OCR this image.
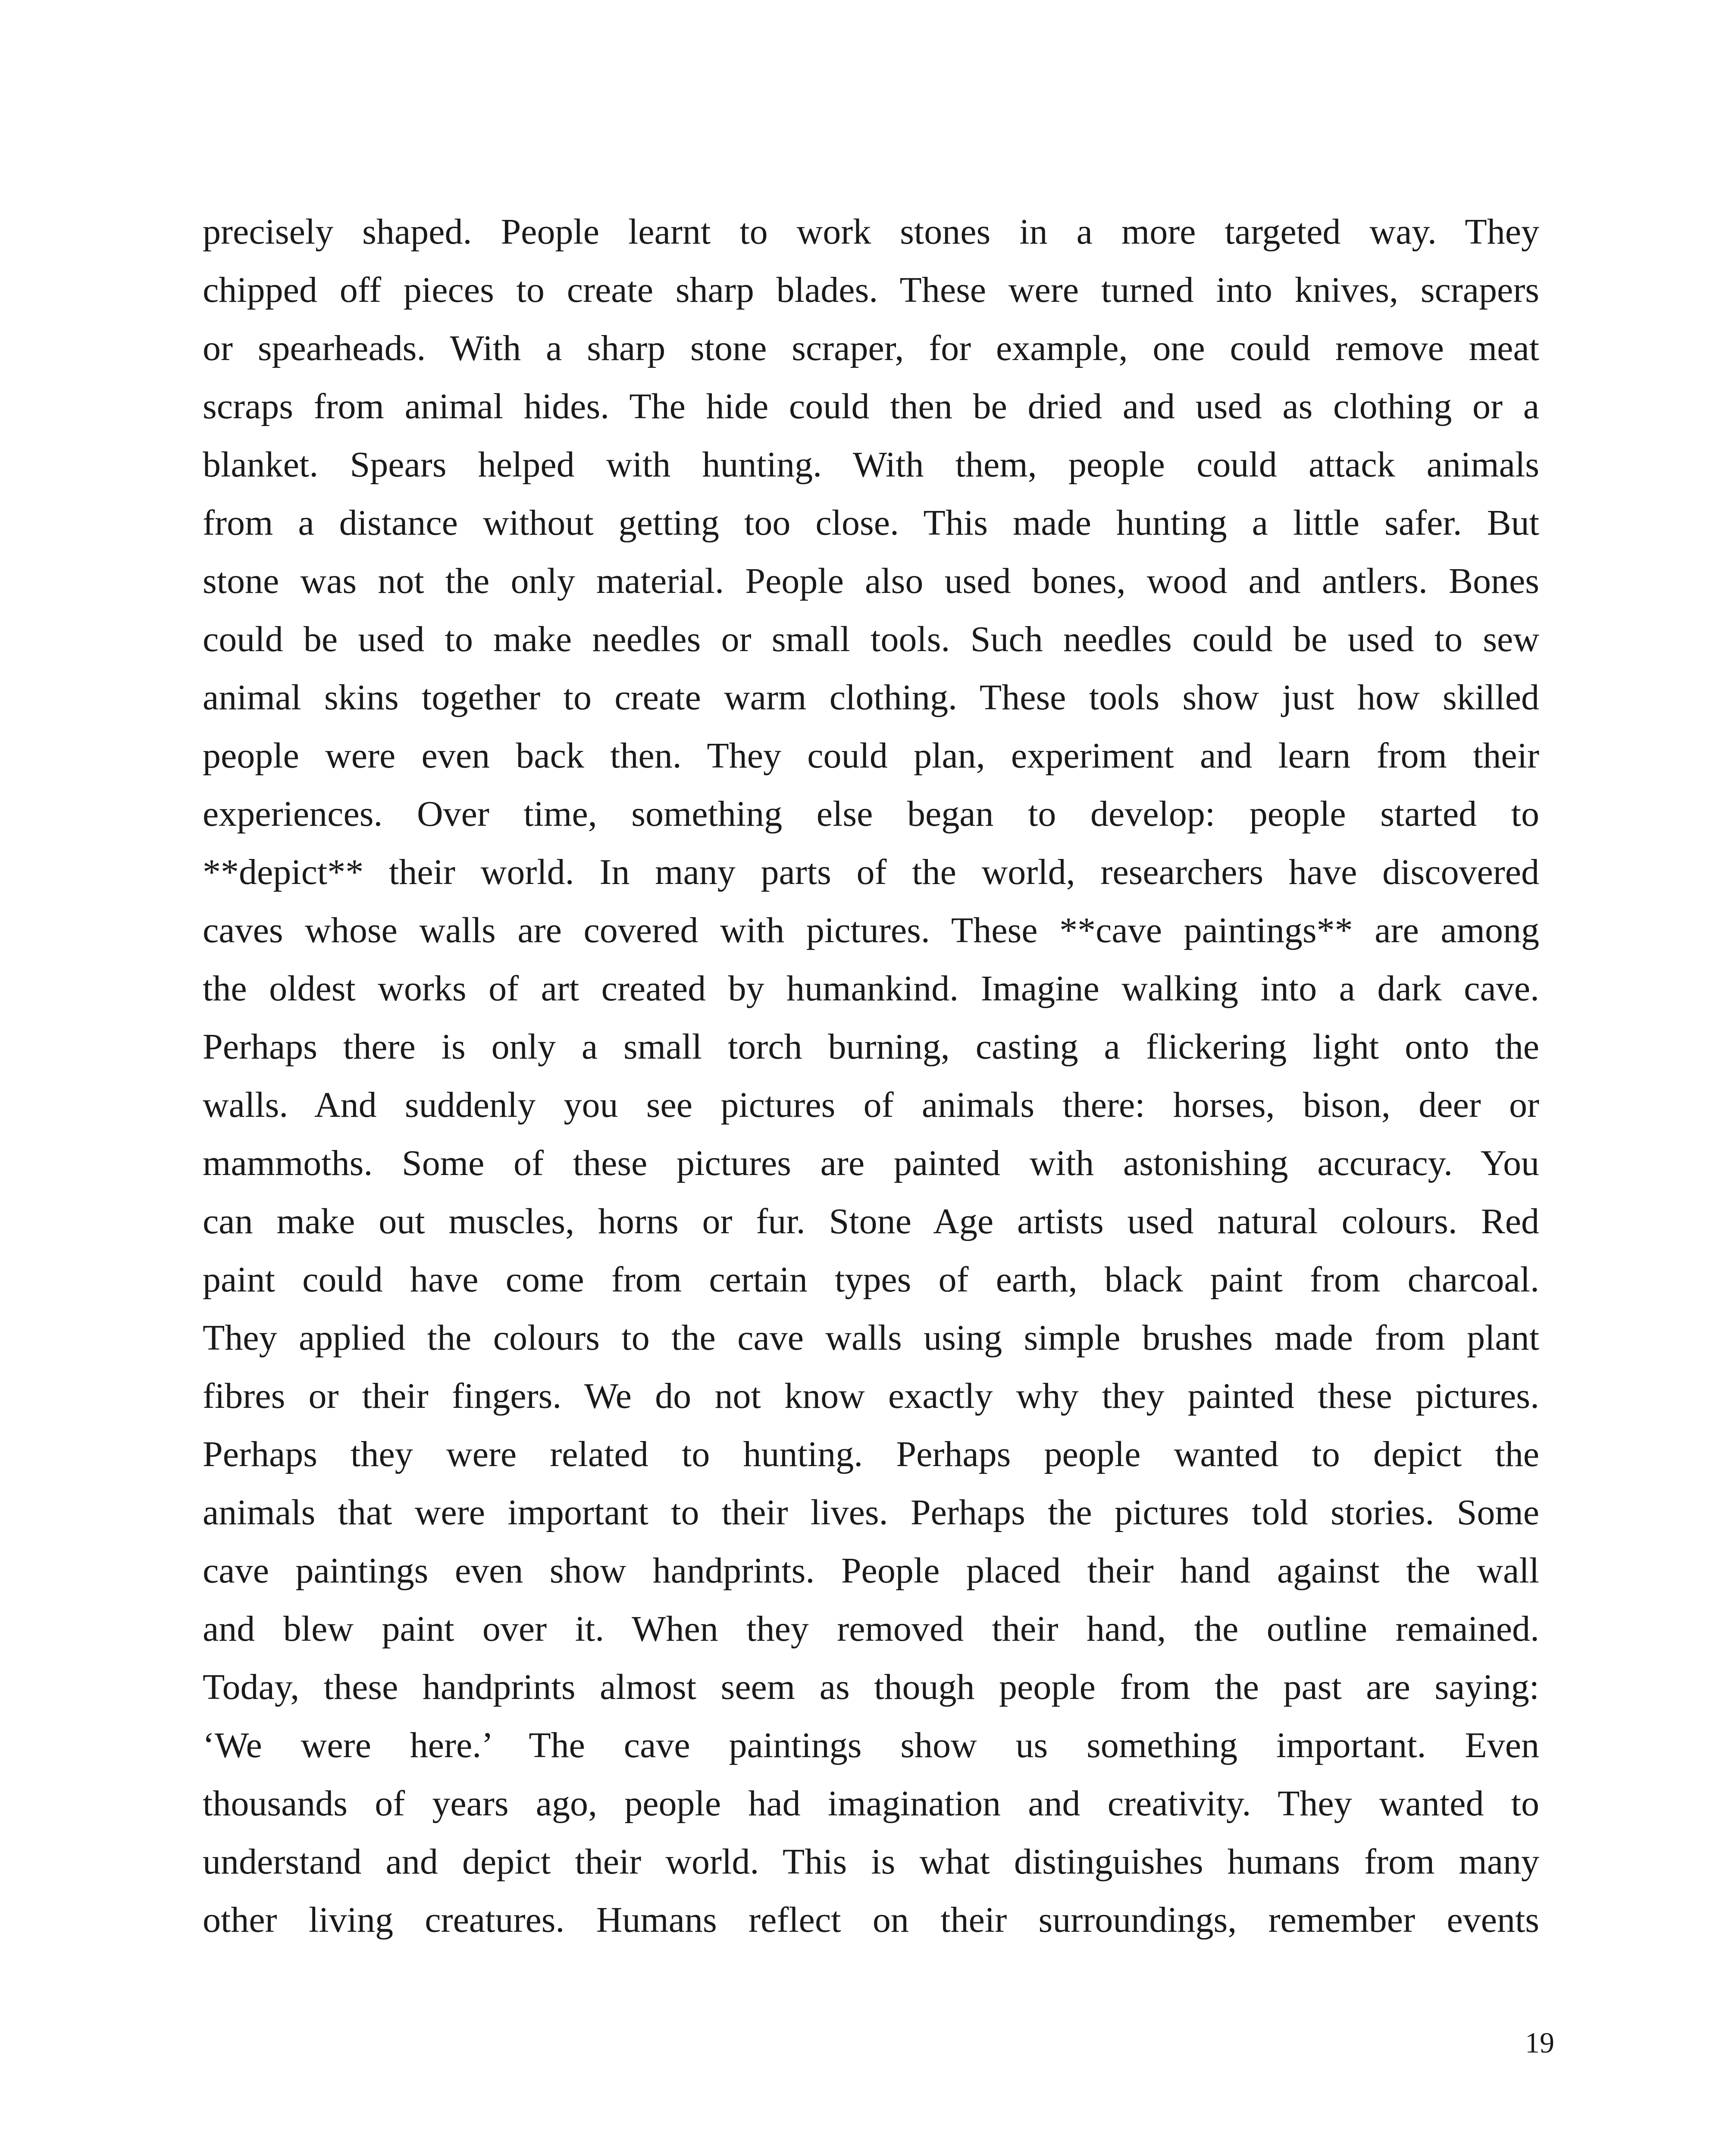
precisely shaped. People learnt to work stones in a more targeted way. They
chipped off pieces to create sharp blades. These were turned into knives, scrapers
or spearheads. With a sharp stone scraper, for example, one could remove meat
scraps from animal hides. The hide could then be dried and used as clothing or a
blanket. Spears helped with hunting. With them, people could attack animals
from a distance without getting too close. This made hunting a little safer. But
stone was not the only material. People also used bones, wood and antlers. Bones
could be used to make needles or small tools. Such needles could be used to sew
animal skins together to create warm clothing. These tools show just how skilled
people were even back then. They could plan, experiment and learn from their
experiences. Over time, something else began to develop: people started to
**depict** their world. In many parts of the world, researchers have discovered
caves whose walls are covered with pictures. These **cave paintings** are among
the oldest works of art created by humankind. Imagine walking into a dark cave.
Perhaps there is only a small torch burning, casting a flickering light onto the
walls. And suddenly you see pictures of animals there: horses, bison, deer or
mammoths. Some of these pictures are painted with astonishing accuracy. You
can make out muscles, horns or fur. Stone Age artists used natural colours. Red
paint could have come from certain types of earth, black paint from charcoal.
They applied the colours to the cave walls using simple brushes made from plant
fibres or their fingers. We do not know exactly why they painted these pictures.
Perhaps they were related to hunting. Perhaps people wanted to depict the
animals that were important to their lives. Perhaps the pictures told stories. Some
cave paintings even show handprints. People placed their hand against the wall
and blew paint over it. When they removed their hand, the outline remained.
Today, these handprints almost seem as though people from the past are saying:
‘We were here.’ The cave paintings show us something important. Even
thousands of years ago, people had imagination and creativity. They wanted to
understand and depict their world. This is what distinguishes humans from many
other living creatures. Humans reflect on their surroundings, remember events
19
